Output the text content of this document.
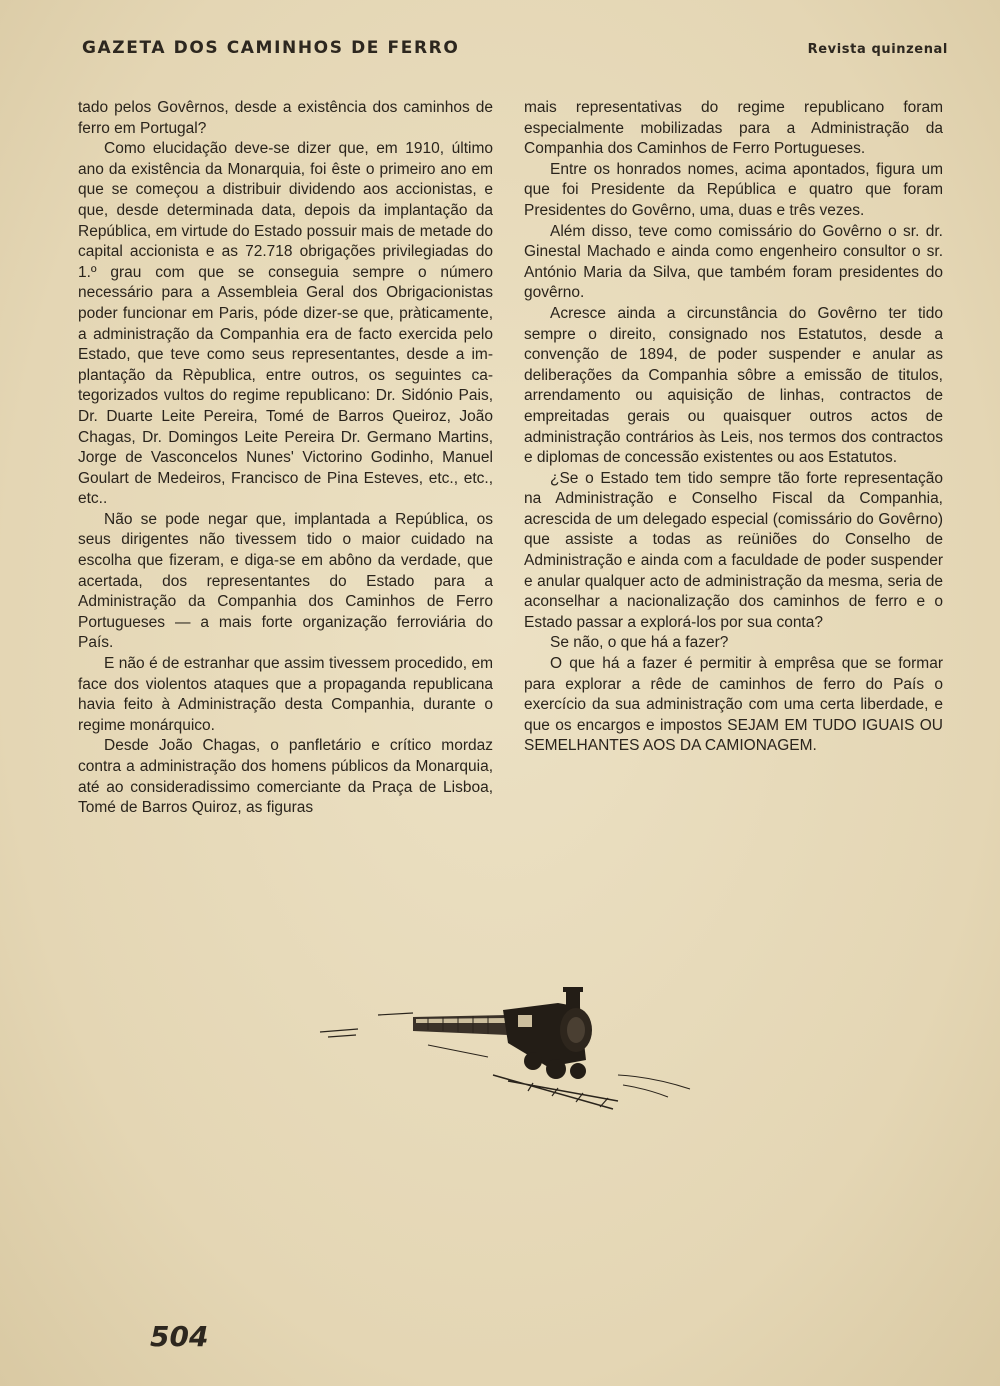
GAZETA DOS CAMINHOS DE FERRO	Revista quinzenal

tado pelos Govêrnos, desde a existência dos caminhos de ferro em Portugal?

Como elucidação deve-se dizer que, em 1910, último ano da existência da Monarquia, foi êste o primeiro ano em que se começou a distribuir dividendo aos accionistas, e que, desde determinada data, depois da implantação da República, em virtude do Estado possuir mais de metade do capital accionista e as 72.718 obrigações privilegiadas do 1.º grau com que se conseguia sempre o número necessário para a Assembleia Geral dos Obrigacionistas poder funcionar em Paris, póde dizer-se que, pràticamente, a administração da Companhia era de facto exercida pelo Estado, que teve como seus representantes, desde a implantação da Rèpublica, entre outros, os seguintes categorizados vultos do regime republicano: Dr. Sidónio Pais, Dr. Duarte Leite Pereira, Tomé de Barros Queiroz, João Chagas, Dr. Domingos Leite Pereira Dr. Germano Martins, Jorge de Vasconcelos Nunes' Victorino Godinho, Manuel Goulart de Medeiros, Francisco de Pina Esteves, etc., etc., etc..

Não se pode negar que, implantada a República, os seus dirigentes não tivessem tido o maior cuidado na escolha que fizeram, e diga-se em abôno da verdade, que acertada, dos representantes do Estado para a Administração da Companhia dos Caminhos de Ferro Portugueses — a mais forte organização ferroviária do País.

E não é de estranhar que assim tivessem procedido, em face dos violentos ataques que a propaganda republicana havia feito à Administração desta Companhia, durante o regime monárquico.

Desde João Chagas, o panfletário e crítico mordaz contra a administração dos homens públicos da Monarquia, até ao consideradissimo comerciante da Praça de Lisboa, Tomé de Barros Quiroz, as figuras

mais representativas do regime republicano foram especialmente mobilizadas para a Administração da Companhia dos Caminhos de Ferro Portugueses.

Entre os honrados nomes, acima apontados, figura um que foi Presidente da República e quatro que foram Presidentes do Govêrno, uma, duas e três vezes.

Além disso, teve como comissário do Govêrno o sr. dr. Ginestal Machado e ainda como engenheiro consultor o sr. António Maria da Silva, que também foram presidentes do govêrno.

Acresce ainda a circunstância do Govêrno ter tido sempre o direito, consignado nos Estatutos, desde a convenção de 1894, de poder suspender e anular as deliberações da Companhia sôbre a emissão de titulos, arrendamento ou aquisição de linhas, contractos de empreitadas gerais ou quaisquer outros actos de administração contrários às Leis, nos termos dos contractos e diplomas de concessão existentes ou aos Estatutos.

¿Se o Estado tem tido sempre tão forte representação na Administração e Conselho Fiscal da Companhia, acrescida de um delegado especial (comissário do Govêrno) que assiste a todas as reüniões do Conselho de Administração e ainda com a faculdade de poder suspender e anular qualquer acto de administração da mesma, seria de aconselhar a nacionalização dos caminhos de ferro e o Estado passar a explorá-los por sua conta?

Se não, o que há a fazer?

O que há a fazer é permitir à emprêsa que se formar para explorar a rêde de caminhos de ferro do País o exercício da sua administração com uma certa liberdade, e que os encargos e impostos SEJAM EM TUDO IGUAIS OU SEMELHANTES AOS DA CAMIONAGEM.

504
